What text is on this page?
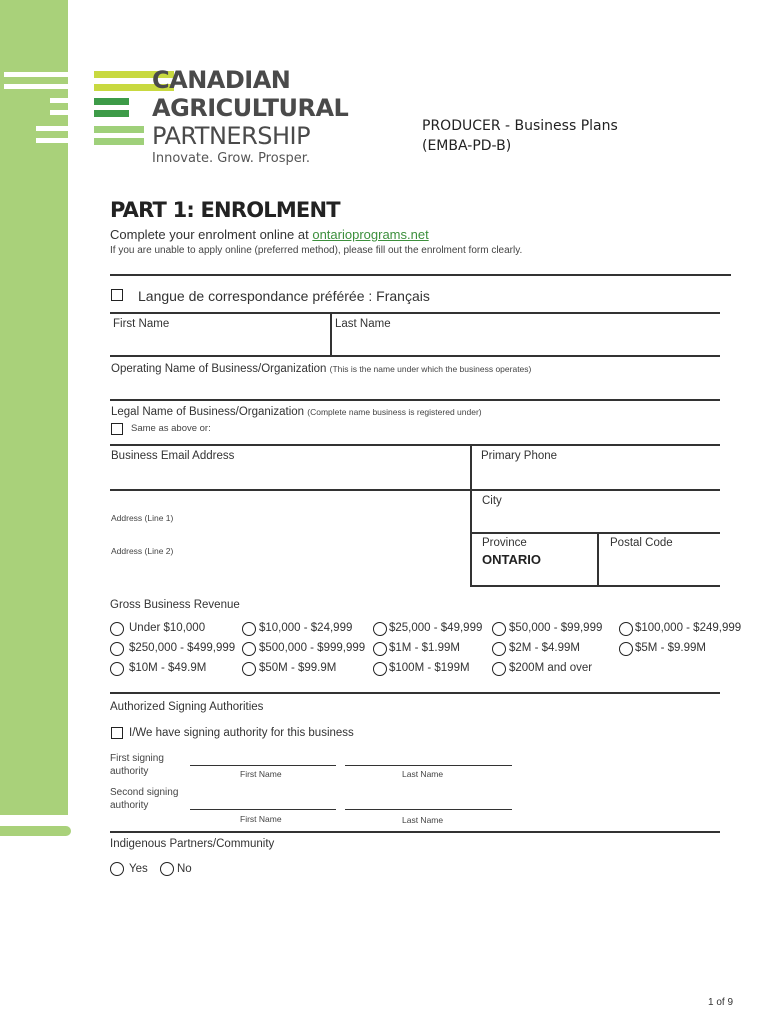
CANADIAN
AGRICULTURAL
PARTNERSHIP
Innovate. Grow. Prosper.
PRODUCER - Business Plans
(EMBA-PD-B)
PART 1: ENROLMENT
Complete your enrolment online at ontarioprograms.net
If you are unable to apply online (preferred method), please fill out the enrolment form clearly.
Langue de correspondance préférée : Français
First Name	Last Name
Operating Name of Business/Organization (This is the name under which the business operates)
Legal Name of Business/Organization (Complete name business is registered under)
Same as above or:
Business Email Address	Primary Phone
City
Address (Line 1)
Address (Line 2)
Province
ONTARIO
Postal Code
Gross Business Revenue
Under $10,000	$10,000 - $24,999	$25,000 - $49,999 $50,000 - $99,999	$100,000 - $249,999
$250,000 - $499,999 $500,000 - $999,999 $1M - $1.99M	$2M - $4.99M	$5M - $9.99M
$10M - $49.9M	$50M - $99.9M	$100M - $199M	$200M and over
Authorized Signing Authorities
I/We have signing authority for this business
First signing
authority	First Name	Last Name
Second signing
authority
First Name	Last Name
Indigenous Partners/Community
Yes	No
1 of 9
